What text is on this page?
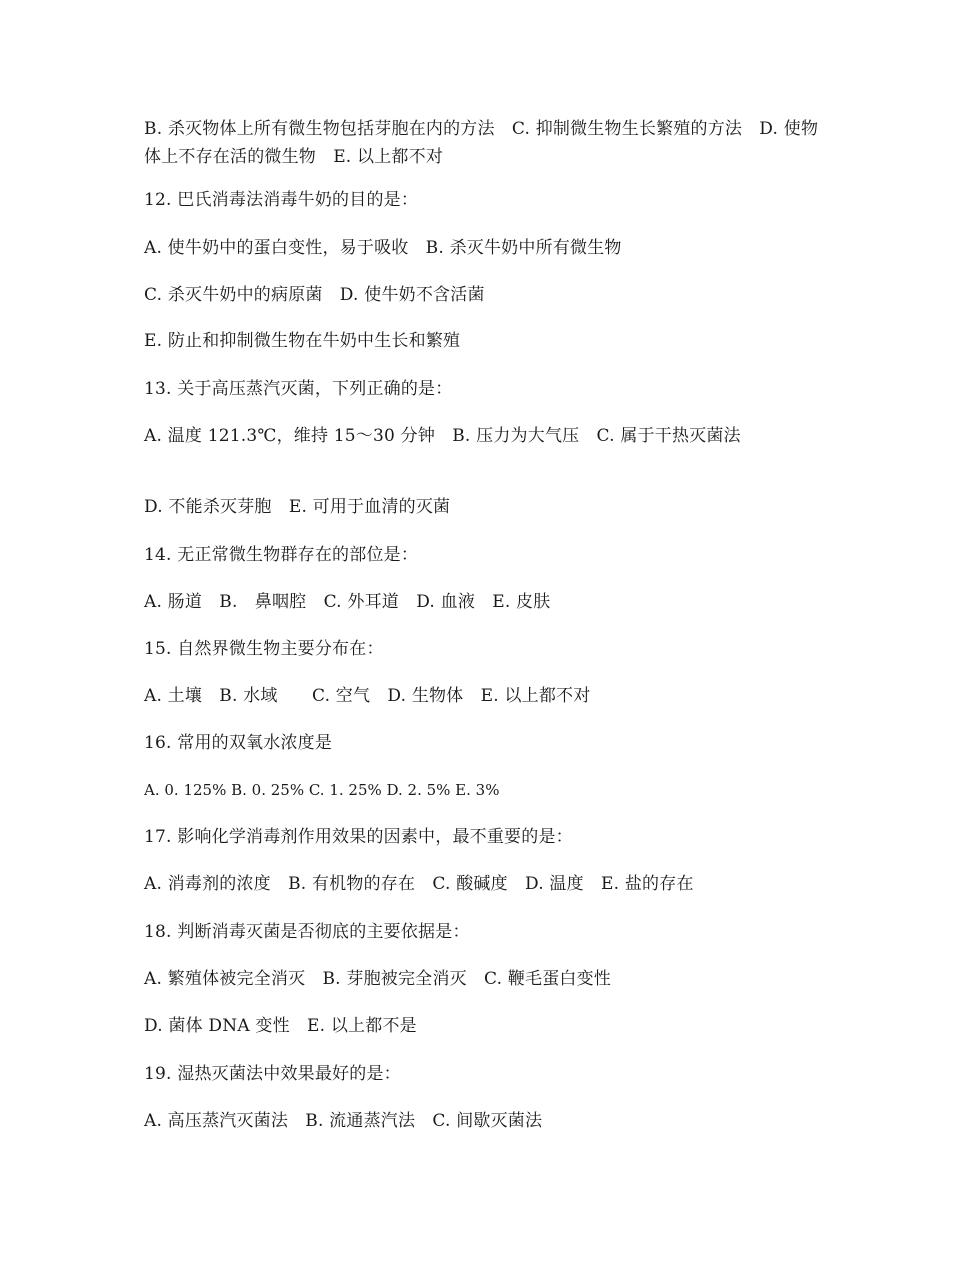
B. 杀灭物体上所有微生物包括芽胞在内的方法　C. 抑制微生物生长繁殖的方法　D. 使物体上不存在活的微生物　E. 以上都不对
12. 巴氏消毒法消毒牛奶的目的是：
A. 使牛奶中的蛋白变性，易于吸收　B. 杀灭牛奶中所有微生物
C. 杀灭牛奶中的病原菌　D. 使牛奶不含活菌
E. 防止和抑制微生物在牛奶中生长和繁殖
13. 关于高压蒸汽灭菌，下列正确的是：
A. 温度 121.3℃，维持 15～30 分钟　B. 压力为大气压　C. 属于干热灭菌法
D. 不能杀灭芽胞　E. 可用于血清的灭菌
14. 无正常微生物群存在的部位是：
A. 肠道　B.　鼻咽腔　C. 外耳道　D. 血液　E. 皮肤
15. 自然界微生物主要分布在：
A. 土壤　B. 水域　　C. 空气　D. 生物体　E. 以上都不对
16. 常用的双氧水浓度是
A. 0. 125% B. 0. 25% C. 1. 25% D. 2. 5% E. 3%
17. 影响化学消毒剂作用效果的因素中，最不重要的是：
A. 消毒剂的浓度　B. 有机物的存在　C. 酸碱度　D. 温度　E. 盐的存在
18. 判断消毒灭菌是否彻底的主要依据是：
A. 繁殖体被完全消灭　B. 芽胞被完全消灭　C. 鞭毛蛋白变性
D. 菌体 DNA 变性　E. 以上都不是
19. 湿热灭菌法中效果最好的是：
A. 高压蒸汽灭菌法　B. 流通蒸汽法　C. 间歇灭菌法
